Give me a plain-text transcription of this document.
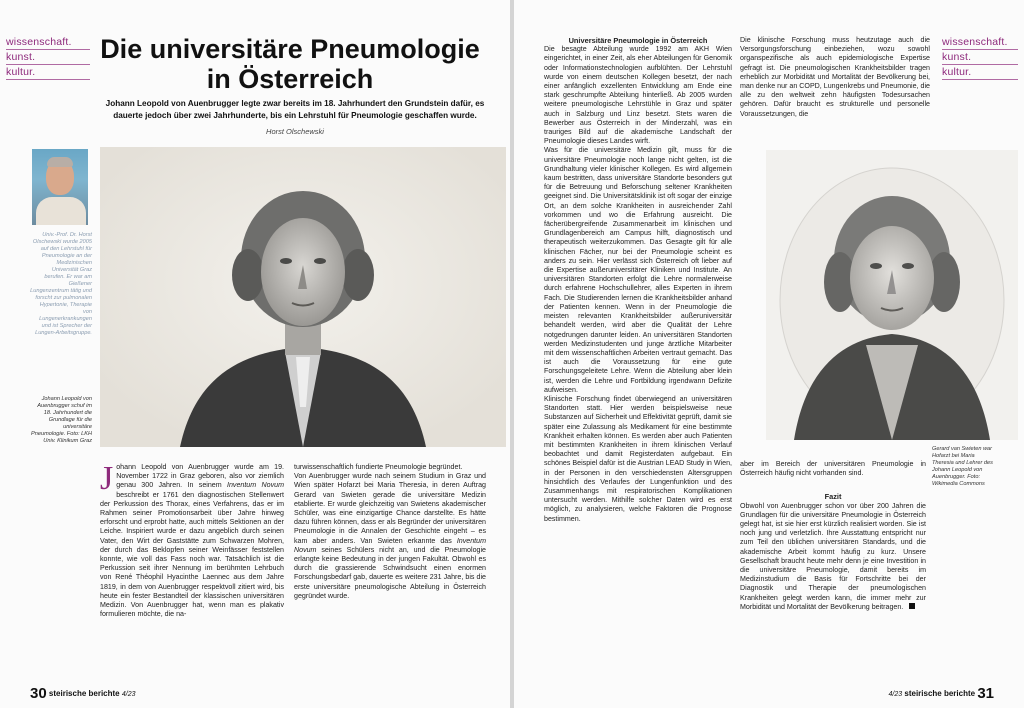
wissenschaft.
kunst.
kultur.
Die universitäre Pneumologie in Österreich
Johann Leopold von Auenbrugger legte zwar bereits im 18. Jahrhundert den Grundstein dafür, es dauerte jedoch über zwei Jahrhunderte, bis ein Lehrstuhl für Pneumologie geschaffen wurde.
Horst Olschewski
Univ.-Prof. Dr. Horst Olschewski wurde 2005 auf den Lehrstuhl für Pneumologie an der Medizinischen Universität Graz berufen. Er war am Gießener Lungenzentrum tätig und forscht zur pulmonalen Hypertonie, Therapie von Lungenerkrankungen und ist Sprecher der Lungen-Arbeitsgruppe.
Johann Leopold von Auenbrugger schuf im 18. Jahrhundert die Grundlage für die universitäre Pneumologie. Foto: LKH Univ. Klinikum Graz

J ohann Leopold von Auenbrugger wurde am 19. November 1722 in Graz geboren, also vor ziemlich genau 300 Jahren. In seinem Inventum Novum beschreibt er 1761 den diagnostischen Stellenwert der Perkussion des Thorax, eines Verfahrens, das er im Rahmen seiner Promotionsarbeit über Jahre hinweg erforscht und erprobt hatte, auch mittels Sektionen an der Leiche. Inspiriert wurde er dazu angeblich durch seinen Vater, den Wirt der Gaststätte zum Schwarzen Mohren, der durch das Beklopfen seiner Weinfässer feststellen konnte, wie voll das Fass noch war. Tatsächlich ist die Perkussion seit ihrer Nennung im berühmten Lehrbuch von René Théophil Hyacinthe Laennec aus dem Jahre 1819, in dem von Auenbrugger respektvoll zitiert wird, bis heute ein fester Bestandteil der klassischen universitären Medizin. Von Auenbrugger hat, wenn man es plakativ formulieren möchte, die na-

turwissenschaftlich fundierte Pneumologie begründet.

Von Auenbrugger wurde nach seinem Studium in Graz und Wien später Hofarzt bei Maria Theresia, in deren Auftrag Gerard van Swieten gerade die universitäre Medizin etablierte. Er wurde gleichzeitig van Swietens akademischer Schüler, was eine einzigartige Chance darstellte. Es hätte dazu führen können, dass er als Begründer der universitären Pneumologie in die Annalen der Geschichte eingeht – es kam aber anders. Van Swieten erkannte das Inventum Novum seines Schülers nicht an, und die Pneumologie erlangte keine Bedeutung in der jungen Fakultät. Obwohl es durch die grassierende Schwindsucht einen enormen Forschungsbedarf gab, dauerte es weitere 231 Jahre, bis die erste universitäre pneumologische Abteilung in Österreich gegründet wurde.

30 steirische berichte 4/23
wissenschaft.
kunst.
kultur.

Universitäre Pneumologie in Österreich

Die besagte Abteilung wurde 1992 am AKH Wien eingerichtet, in einer Zeit, als eher Abteilungen für Genomik oder Informationstechnologien aufblühten. Der Lehrstuhl wurde von einem deutschen Kollegen besetzt, der nach einer anfänglich exzellenten Entwicklung am Ende eine stark geschrumpfte Abteilung hinterließ. Ab 2005 wurden weitere pneumologische Lehrstühle in Graz und später auch in Salzburg und Linz besetzt. Stets waren die Bewerber aus Österreich in der Minderzahl, was ein trauriges Bild auf die akademische Landschaft der Pneumologie dieses Landes wirft.

Was für die universitäre Medizin gilt, muss für die universitäre Pneumologie noch lange nicht gelten, ist die Grundhaltung vieler klinischer Kollegen. Es wird allgemein kaum bestritten, dass universitäre Standorte besonders gut für die Betreuung und Beforschung seltener Krankheiten geeignet sind. Die Universitätsklinik ist oft sogar der einzige Ort, an dem solche Krankheiten in ausreichender Zahl vorkommen und wo die Erfahrung ausreicht. Die fächerübergreifende Zusammenarbeit im klinischen und Grundlagenbereich am Campus hilft, diagnostisch und therapeutisch weiterzukommen. Das Gesagte gilt für alle klinischen Fächer, nur bei der Pneumologie scheint es anders zu sein. Hier verlässt sich Österreich oft lieber auf die Expertise außeruniversitärer Kliniken und Institute. An universitären Standorten erfolgt die Lehre normalerweise durch erfahrene Hochschullehrer, alles Experten in ihrem Fach. Die Studierenden lernen die Krankheitsbilder anhand der Patienten kennen. Wenn in der Pneumologie die meisten relevanten Krankheitsbilder außeruniversitär behandelt werden, wird aber die Qualität der Lehre notgedrungen darunter leiden. An universitären Standorten werden Medizinstudenten und junge ärztliche Mitarbeiter mit dem wissenschaftlichen Arbeiten vertraut gemacht. Das ist auch die Voraussetzung für eine gute Forschungsgeleitete Lehre. Wenn die Abteilung aber klein ist, werden die Lehre und Fortbildung irgendwann Defizite aufweisen.

Klinische Forschung findet überwiegend an universitären Standorten statt. Hier werden beispielsweise neue Substanzen auf Sicherheit und Effektivität geprüft, damit sie später eine Zulassung als Medikament für eine bestimmte Krankheit erhalten können. Es werden aber auch Patienten mit bestimmten Krankheiten in ihrem klinischen Verlauf beobachtet und damit Registerdaten aufgebaut. Ein schönes Beispiel dafür ist die Austrian LEAD Study in Wien, in der Personen in den verschiedensten Altersgruppen hinsichtlich des Verlaufes der Lungenfunktion und des Zusammenhangs mit respiratorischen Komplikationen untersucht werden. Mithilfe solcher Daten wird es erst möglich, zu analysieren, welche Faktoren die Prognose bestimmen.

Die klinische Forschung muss heutzutage auch die Versorgungsforschung einbeziehen, wozu sowohl organspezifische als auch epidemiologische Expertise gefragt ist. Die pneumologischen Krankheitsbilder tragen erheblich zur Morbidität und Mortalität der Bevölkerung bei, man denke nur an COPD, Lungenkrebs und Pneumonie, die alle zu den weltweit zehn häufigsten Todesursachen gehören. Dafür braucht es strukturelle und personelle Voraussetzungen, die

Gerard van Swieten war Hofarzt bei Maria Theresia und Lehrer des Johann Leopold von Auenbrugger. Foto: Wikimedia Commons

aber im Bereich der universitären Pneumologie in Österreich häufig nicht vorhanden sind.

Fazit

Obwohl von Auenbrugger schon vor über 200 Jahren die Grundlagen für die universitäre Pneumologie in Österreich gelegt hat, ist sie hier erst kürzlich realisiert worden. Sie ist noch jung und verletzlich. Ihre Ausstattung entspricht nur zum Teil den üblichen universitären Standards, und die akademische Arbeit kommt häufig zu kurz. Unsere Gesellschaft braucht heute mehr denn je eine Investition in die universitäre Pneumologie, damit bereits im Medizinstudium die Basis für Fortschritte bei der Diagnostik und Therapie der pneumologischen Krankheiten gelegt werden kann, die immer mehr zur Morbidität und Mortalität der Bevölkerung beitragen.

4/23 steirische berichte 31
